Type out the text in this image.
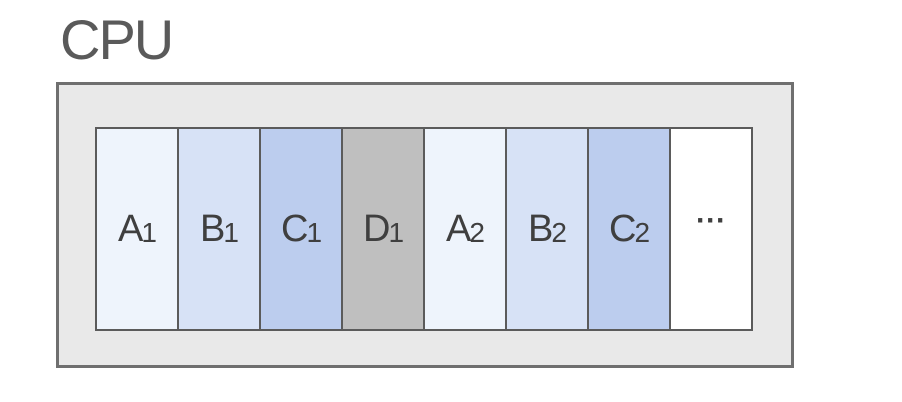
CPU
A 1 B 1 C 1 D 1 A 2 B 2 C 2 ···
